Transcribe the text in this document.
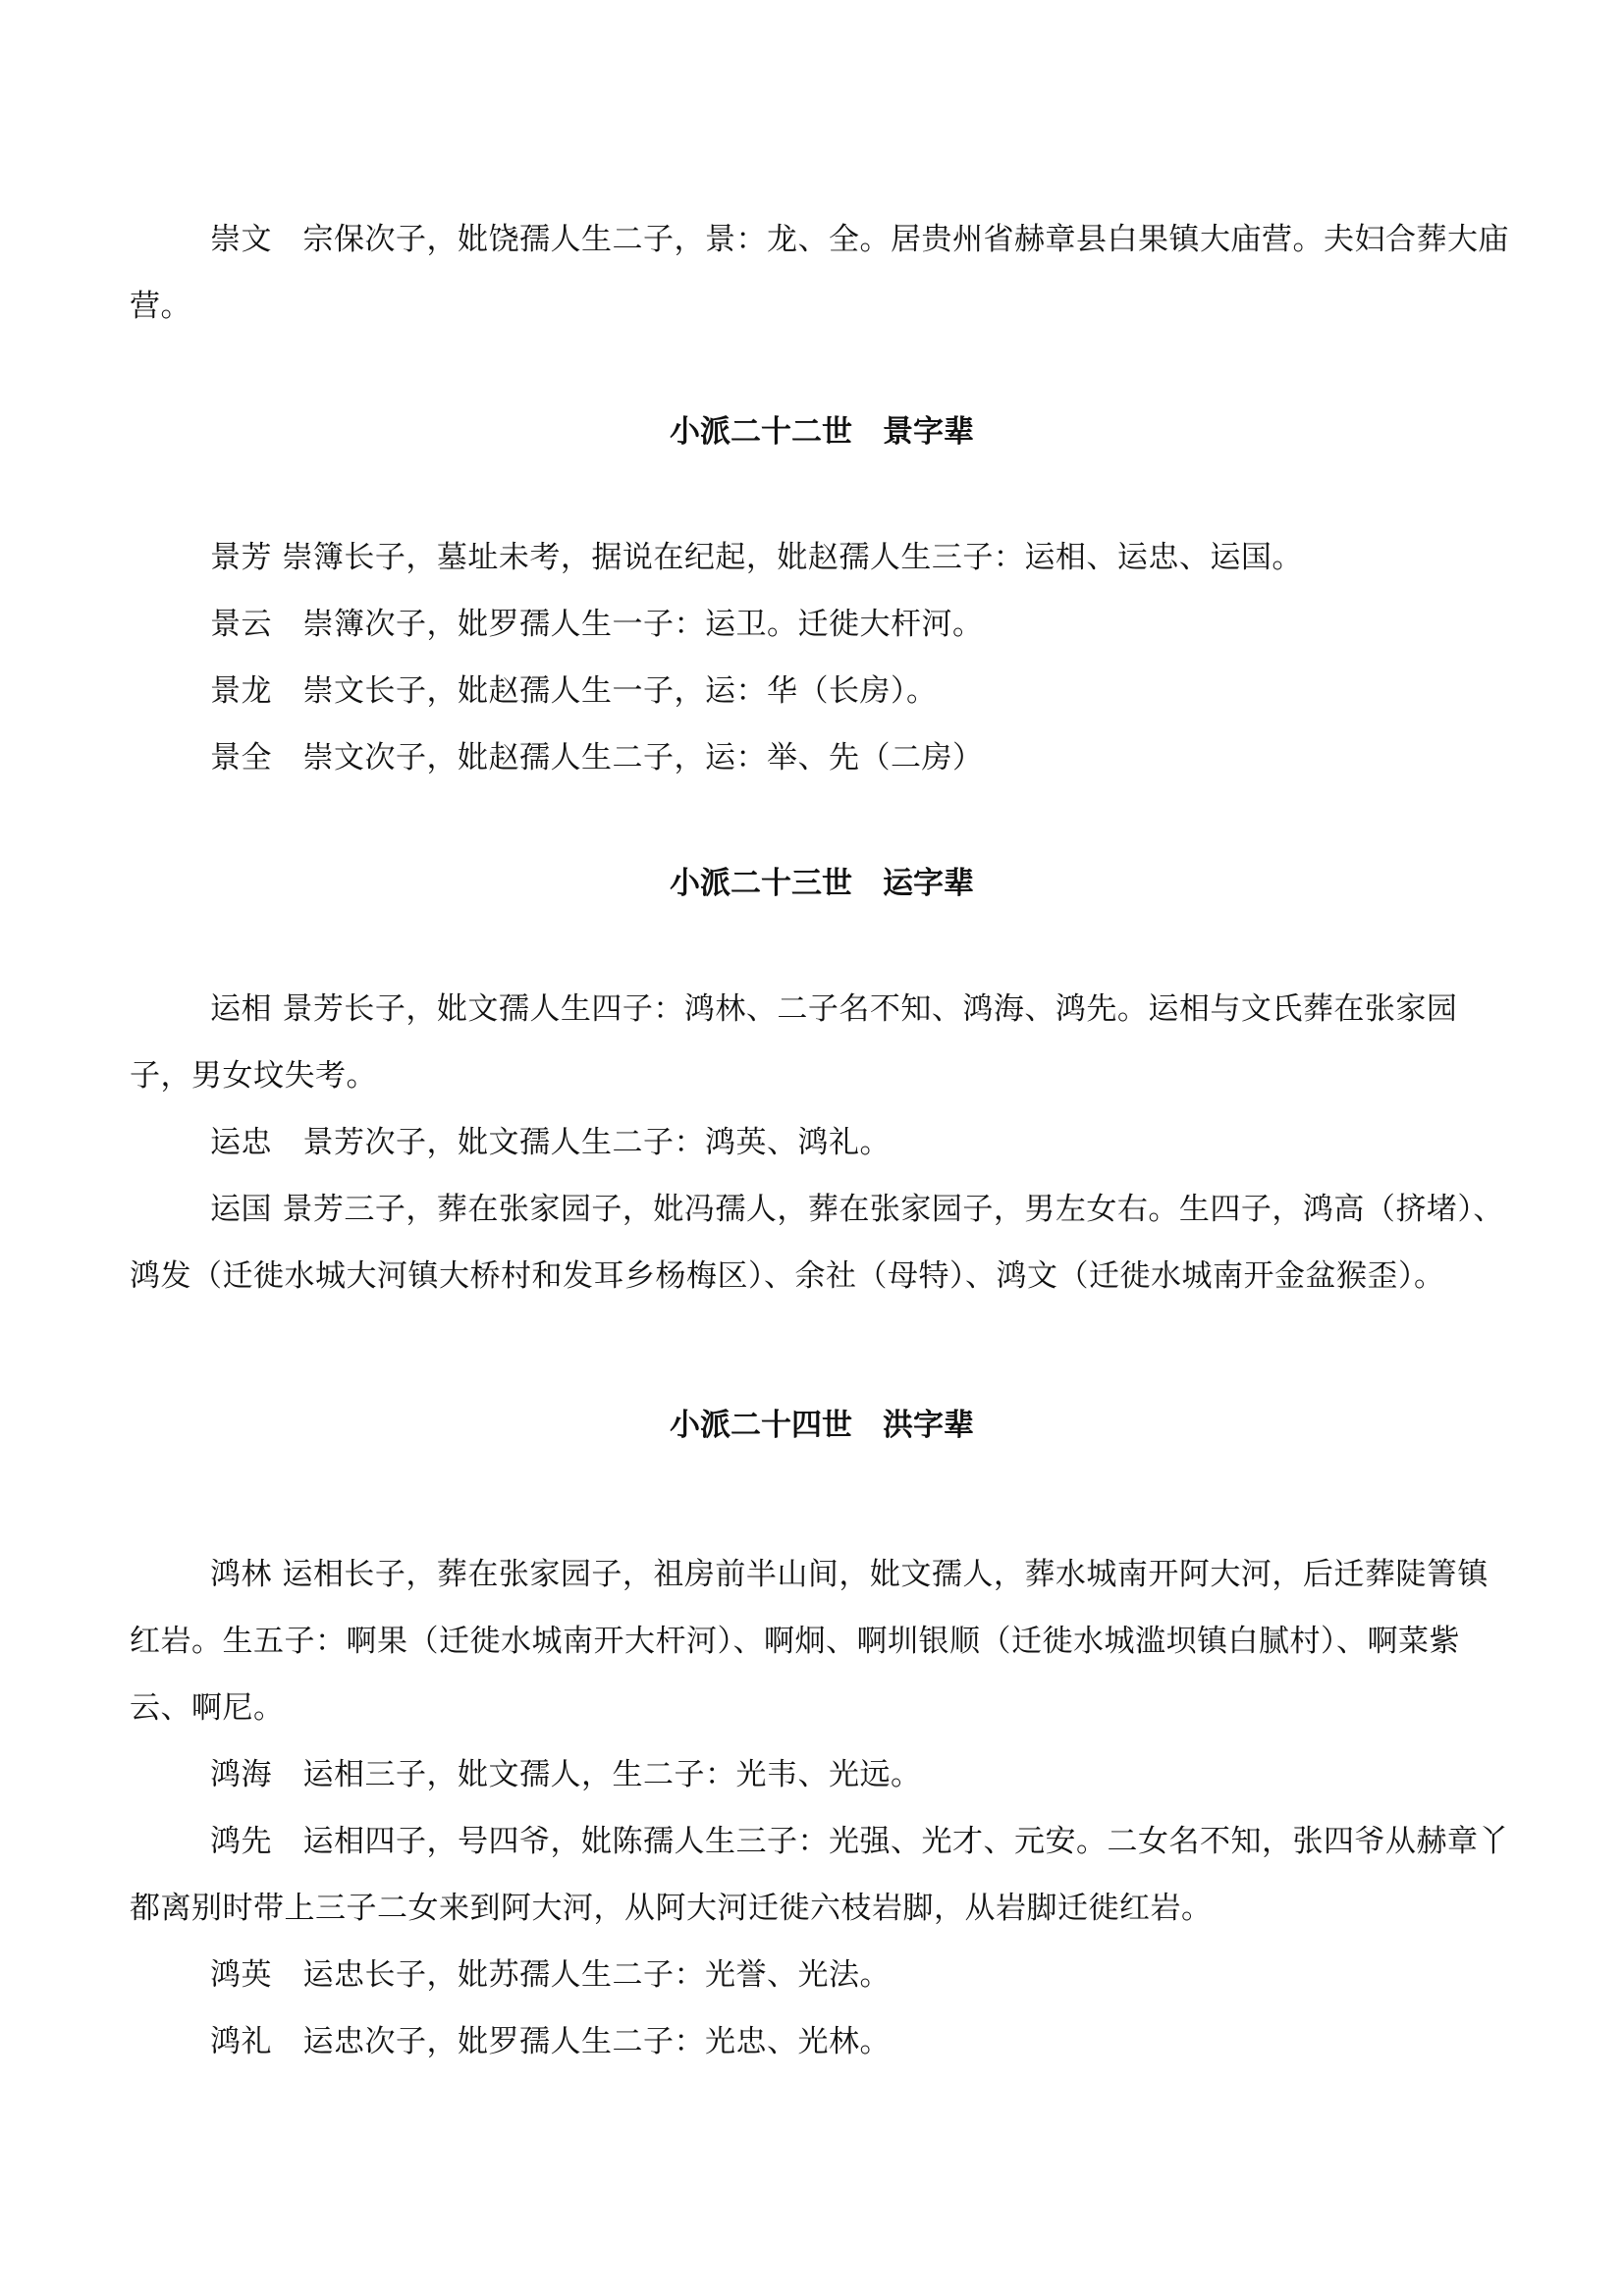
崇文　宗保次子，妣饶孺人生二子，景：龙、全。居贵州省赫章县白果镇大庙营。夫妇合葬大庙营。

小派二十二世　景字辈

景芳 崇簿长子，墓址未考，据说在纪起，妣赵孺人生三子：运相、运忠、运国。

景云　崇簿次子，妣罗孺人生一子：运卫。迁徙大杆河。

景龙　崇文长子，妣赵孺人生一子，运：华（长房）。

景全　崇文次子，妣赵孺人生二子，运：举、先（二房）

小派二十三世　运字辈

运相 景芳长子，妣文孺人生四子：鸿林、二子名不知、鸿海、鸿先。运相与文氏葬在张家园子，男女坟失考。

运忠　景芳次子，妣文孺人生二子：鸿英、鸿礼。

运国 景芳三子，葬在张家园子，妣冯孺人，葬在张家园子，男左女右。生四子，鸿高（挤堵）、鸿发（迁徙水城大河镇大桥村和发耳乡杨梅区）、余社（母特）、鸿文（迁徙水城南开金盆猴歪）。

小派二十四世　洪字辈

鸿林 运相长子，葬在张家园子，祖房前半山间，妣文孺人，葬水城南开阿大河，后迁葬陡箐镇红岩。生五子：啊果（迁徙水城南开大杆河）、啊炯、啊圳银顺（迁徙水城滥坝镇白腻村）、啊菜紫云、啊尼。

鸿海　运相三子，妣文孺人，生二子：光韦、光远。

鸿先　运相四子，号四爷，妣陈孺人生三子：光强、光才、元安。二女名不知，张四爷从赫章丫都离别时带上三子二女来到阿大河，从阿大河迁徙六枝岩脚，从岩脚迁徙红岩。

鸿英　运忠长子，妣苏孺人生二子：光誉、光法。

鸿礼　运忠次子，妣罗孺人生二子：光忠、光林。
